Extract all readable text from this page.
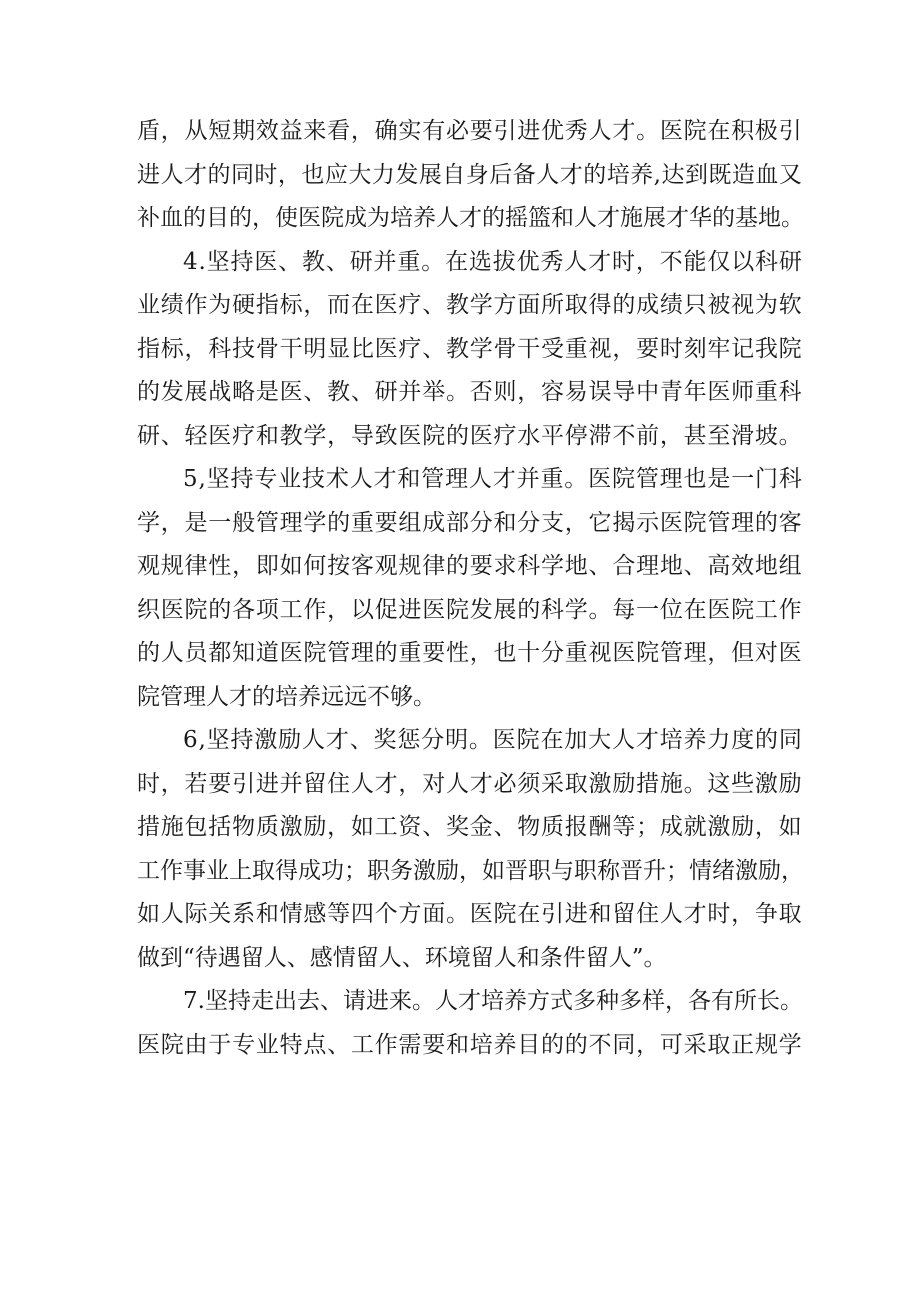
盾 ， 从 短 期 效 益 来 看 ， 确 实 有 必 要 引 进 优 秀 人 才 。 医 院 在 积 极 引
进 人 才 的 同 时 ， 也 应 大 力 发 展 自 身 后 备 人 才 的 培 养 , 达 到 既 造 血 又
补 血 的 目 的 ， 使 医 院 成 为 培 养 人 才 的 摇 篮 和 人 才 施 展 才 华 的 基 地 。
4 . 坚 持 医 、 教 、 研 并 重 。 在 选 拔 优 秀 人 才 时 ， 不 能 仅 以 科 研
业 绩 作 为 硬 指 标 ， 而 在 医 疗 、 教 学 方 面 所 取 得 的 成 绩 只 被 视 为 软
指 标 ， 科 技 骨 干 明 显 比 医 疗 、 教 学 骨 干 受 重 视 ， 要 时 刻 牢 记 我 院
的 发 展 战 略 是 医 、 教 、 研 并 举 。 否 则 ， 容 易 误 导 中 青 年 医 师 重 科
研 、 轻 医 疗 和 教 学 ， 导 致 医 院 的 医 疗 水 平 停 滞 不 前 ， 甚 至 滑 坡 。
5 , 坚 持 专 业 技 术 人 才 和 管 理 人 才 并 重 。 医 院 管 理 也 是 一 门 科
学 ， 是 一 般 管 理 学 的 重 要 组 成 部 分 和 分 支 ， 它 揭 示 医 院 管 理 的 客
观 规 律 性 ， 即 如 何 按 客 观 规 律 的 要 求 科 学 地 、 合 理 地 、 高 效 地 组
织 医 院 的 各 项 工 作 ， 以 促 进 医 院 发 展 的 科 学 。 每 一 位 在 医 院 工 作
的 人 员 都 知 道 医 院 管 理 的 重 要 性 ， 也 十 分 重 视 医 院 管 理 ， 但 对 医
院管理人才的培养远远不够。
6 , 坚 持 激 励 人 才 、 奖 惩 分 明 。 医 院 在 加 大 人 才 培 养 力 度 的 同
时 ， 若 要 引 进 并 留 住 人 才 ， 对 人 才 必 须 采 取 激 励 措 施 。 这 些 激 励
措 施 包 括 物 质 激 励 ， 如 工 资 、 奖 金 、 物 质 报 酬 等 ； 成 就 激 励 ， 如
工 作 事 业 上 取 得 成 功 ； 职 务 激 励 ， 如 晋 职 与 职 称 晋 升 ； 情 绪 激 励 ，
如 人 际 关 系 和 情 感 等 四 个 方 面 。 医 院 在 引 进 和 留 住 人 才 时 ， 争 取
做到“待遇留人、感情留人、环境留人和条件留人”。
7 . 坚 持 走 出 去 、 请 进 来 。 人 才 培 养 方 式 多 种 多 样 ， 各 有 所 长 。
医 院 由 于 专 业 特 点 、 工 作 需 要 和 培 养 目 的 的 不 同 ， 可 采 取 正 规 学
